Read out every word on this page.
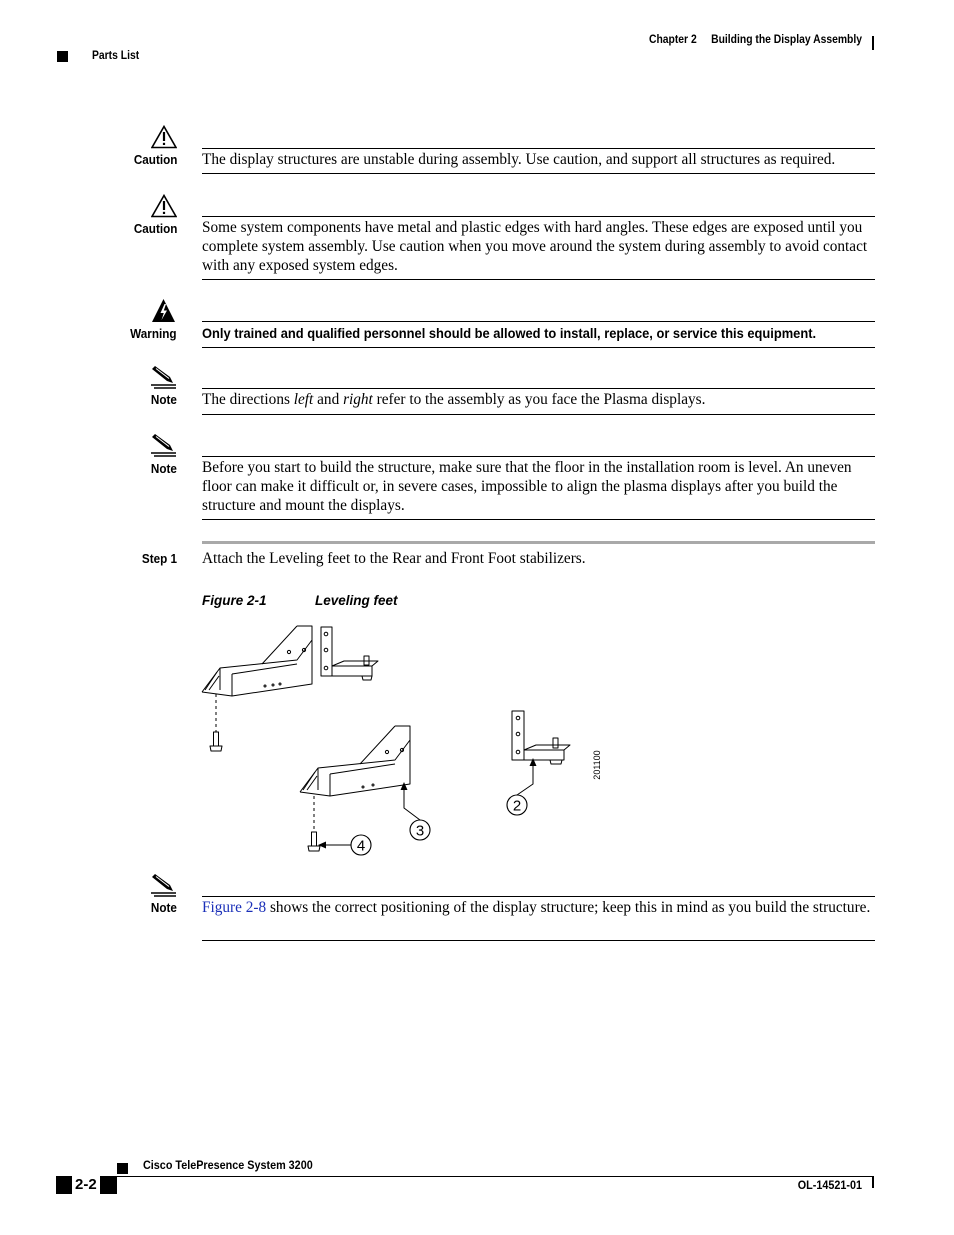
Chapter 2 Building the Display Assembly
Parts List
Caution The display structures are unstable during assembly. Use caution, and support all structures as required.
Caution Some system components have metal and plastic edges with hard angles. These edges are exposed until you complete system assembly. Use caution when you move around the system during assembly to avoid contact with any exposed system edges.
Warning Only trained and qualified personnel should be allowed to install, replace, or service this equipment.
Note The directions left and right refer to the assembly as you face the Plasma displays.
Note Before you start to build the structure, make sure that the floor in the installation room is level. An uneven floor can make it difficult or, in severe cases, impossible to align the plasma displays after you build the structure and mount the displays.
Step 1 Attach the Leveling feet to the Rear and Front Foot stabilizers.
Figure 2-1	Leveling feet
2
3
4
201100
Note Figure 2-8 shows the correct positioning of the display structure; keep this in mind as you build the structure.
Cisco TelePresence System 3200
2-2	OL-14521-01
